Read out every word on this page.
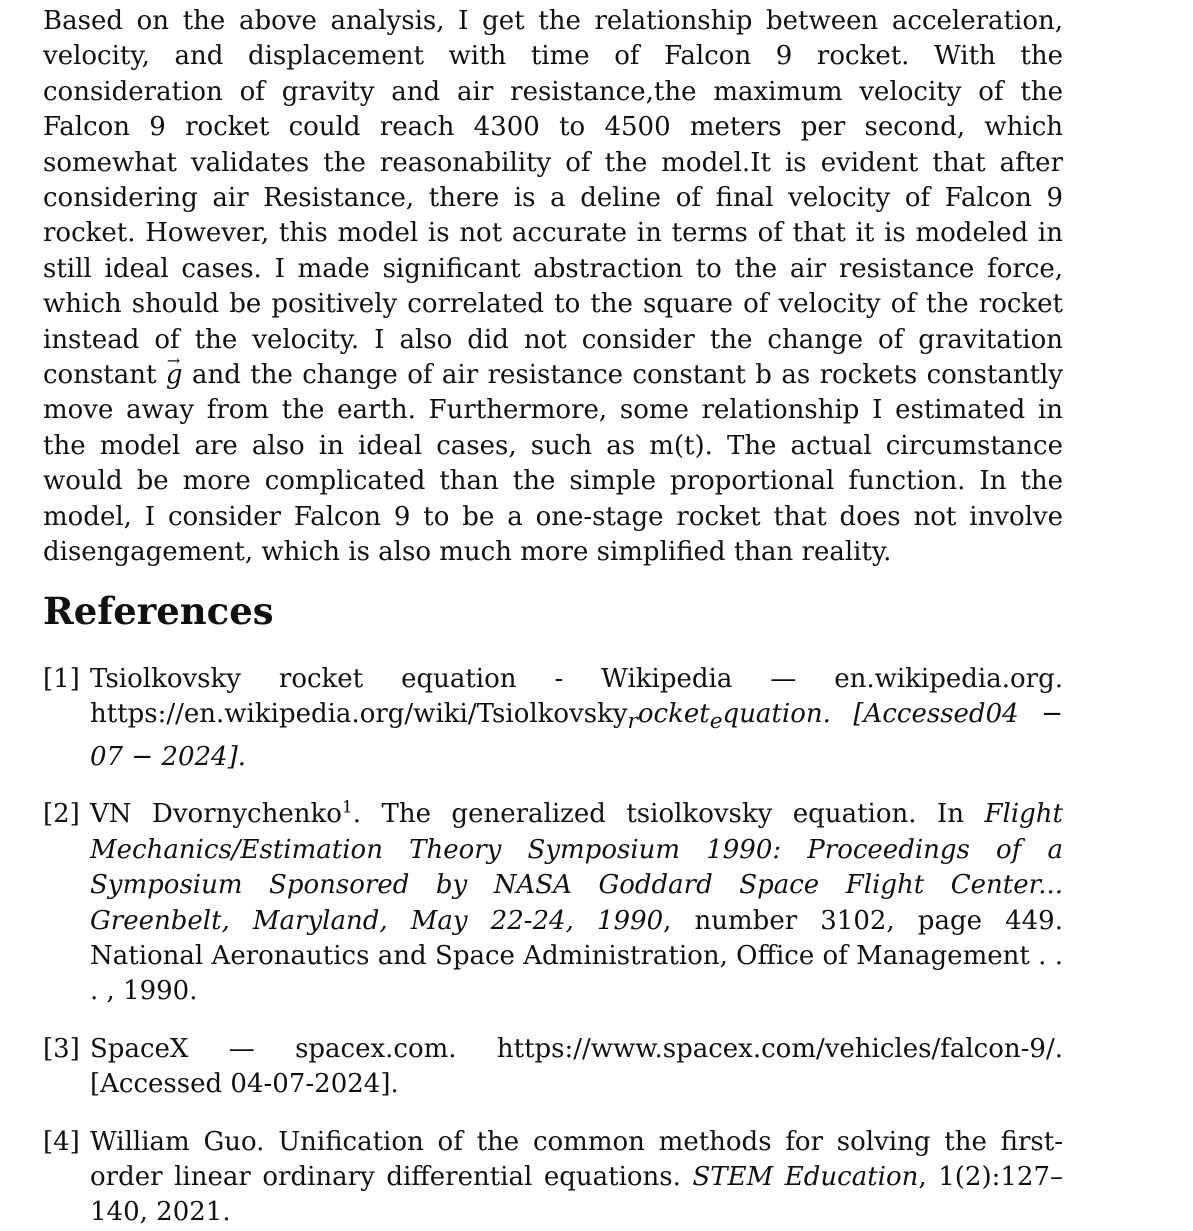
Based on the above analysis, I get the relationship between acceleration, velocity, and displacement with time of Falcon 9 rocket. With the consideration of gravity and air resistance,the maximum velocity of the Falcon 9 rocket could reach 4300 to 4500 meters per second, which somewhat validates the reasonability of the model.It is evident that after considering air Resistance, there is a deline of final velocity of Falcon 9 rocket. However, this model is not accurate in terms of that it is modeled in still ideal cases. I made significant abstraction to the air resistance force, which should be positively correlated to the square of velocity of the rocket instead of the velocity. I also did not consider the change of gravitation constant → g and the change of air resistance constant b as rockets constantly move away from the earth. Furthermore, some relationship I estimated in the model are also in ideal cases, such as m(t). The actual circumstance would be more complicated than the simple proportional function. In the model, I consider Falcon 9 to be a one-stage rocket that does not involve disengagement, which is also much more simplified than reality.

References
[1] Tsiolkovsky rocket equation - Wikipedia — en.wikipedia.org. https://en.wikipedia.org/wiki/Tsiolkovsky$_r$ocket$_e$quation. [Accessed04 − 07 − 2024].
[2] VN Dvornychenko$^1$. The generalized tsiolkovsky equation. In Flight Mechanics/Estimation Theory Symposium 1990: Proceedings of a Symposium Sponsored by NASA Goddard Space Flight Center... Greenbelt, Maryland, May 22-24, 1990, number 3102, page 449. National Aeronautics and Space Administration, Office of Management . . . , 1990.
[3] SpaceX — spacex.com. https://www.spacex.com/vehicles/falcon-9/. [Accessed 04-07-2024].
[4] William Guo. Unification of the common methods for solving the first-order linear ordinary differential equations. STEM Education, 1(2):127–140, 2021.
